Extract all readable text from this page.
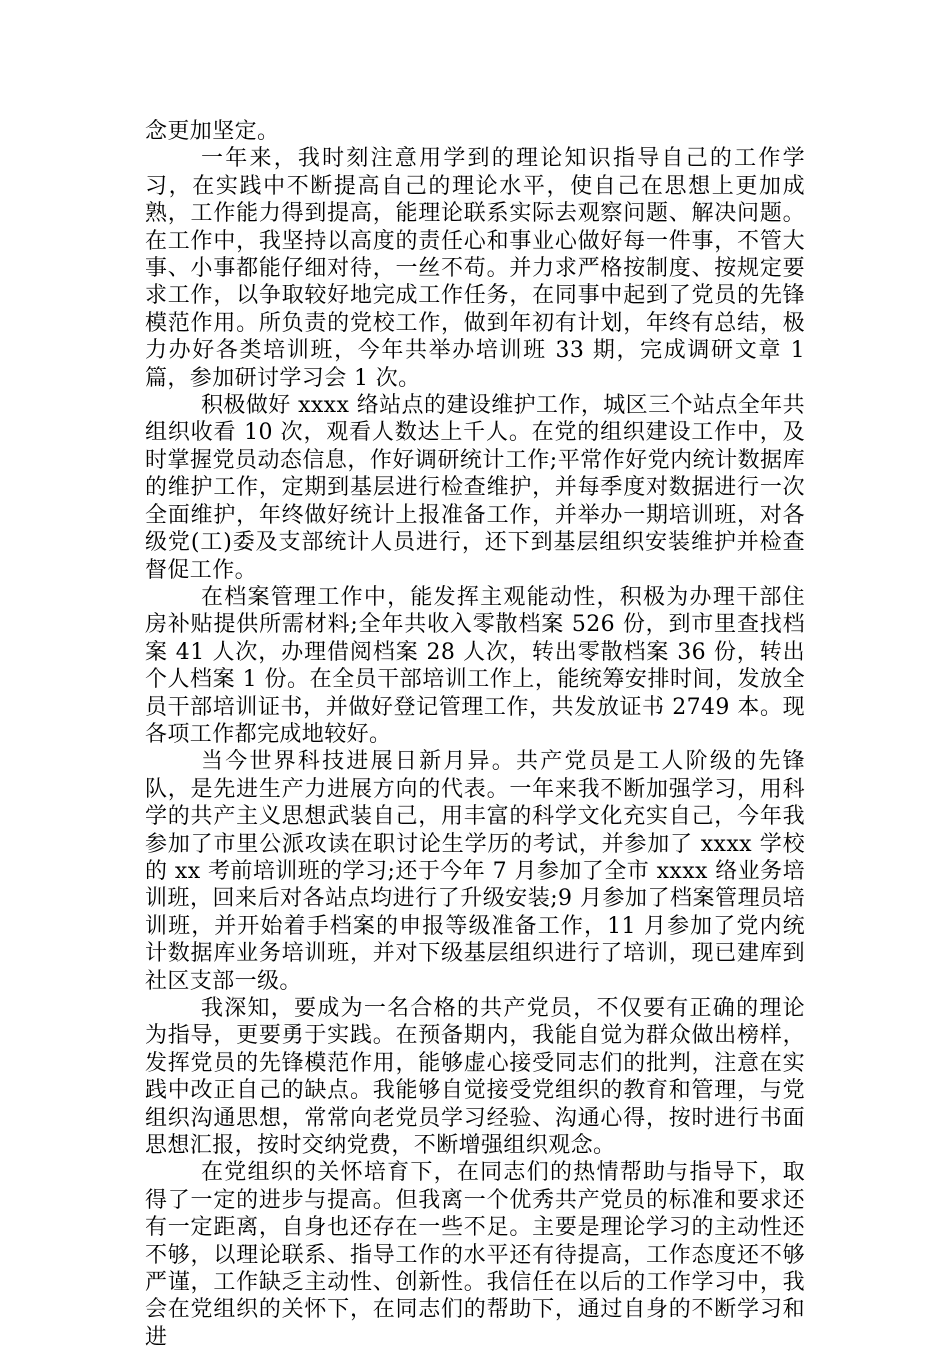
念更加坚定。

一年来，我时刻注意用学到的理论知识指导自己的工作学习，在实践中不断提高自己的理论水平，使自己在思想上更加成熟，工作能力得到提高，能理论联系实际去观察问题、解决问题。在工作中，我坚持以高度的责任心和事业心做好每一件事，不管大事、小事都能仔细对待，一丝不苟。并力求严格按制度、按规定要求工作，以争取较好地完成工作任务，在同事中起到了党员的先锋模范作用。所负责的党校工作，做到年初有计划，年终有总结，极力办好各类培训班，今年共举办培训班 33 期，完成调研文章 1 篇，参加研讨学习会 1 次。

积极做好 xxxx 络站点的建设维护工作，城区三个站点全年共组织收看 10 次，观看人数达上千人。在党的组织建设工作中，及时掌握党员动态信息，作好调研统计工作;平常作好党内统计数据库的维护工作，定期到基层进行检查维护，并每季度对数据进行一次全面维护，年终做好统计上报准备工作，并举办一期培训班，对各级党(工)委及支部统计人员进行，还下到基层组织安装维护并检查督促工作。

在档案管理工作中，能发挥主观能动性，积极为办理干部住房补贴提供所需材料;全年共收入零散档案 526 份，到市里查找档案 41 人次，办理借阅档案 28 人次，转出零散档案 36 份，转出个人档案 1 份。在全员干部培训工作上，能统筹安排时间，发放全员干部培训证书，并做好登记管理工作，共发放证书 2749 本。现各项工作都完成地较好。

当今世界科技进展日新月异。共产党员是工人阶级的先锋队，是先进生产力进展方向的代表。一年来我不断加强学习，用科学的共产主义思想武装自己，用丰富的科学文化充实自己，今年我参加了市里公派攻读在职讨论生学历的考试，并参加了 xxxx 学校的 xx 考前培训班的学习;还于今年 7 月参加了全市 xxxx 络业务培训班，回来后对各站点均进行了升级安装;9 月参加了档案管理员培训班，并开始着手档案的申报等级准备工作，11 月参加了党内统计数据库业务培训班，并对下级基层组织进行了培训，现已建库到社区支部一级。

我深知，要成为一名合格的共产党员，不仅要有正确的理论为指导，更要勇于实践。在预备期内，我能自觉为群众做出榜样，发挥党员的先锋模范作用，能够虚心接受同志们的批判，注意在实践中改正自己的缺点。我能够自觉接受党组织的教育和管理，与党组织沟通思想，常常向老党员学习经验、沟通心得，按时进行书面思想汇报，按时交纳党费，不断增强组织观念。

在党组织的关怀培育下，在同志们的热情帮助与指导下，取得了一定的进步与提高。但我离一个优秀共产党员的标准和要求还有一定距离，自身也还存在一些不足。主要是理论学习的主动性还不够，以理论联系、指导工作的水平还有待提高，工作态度还不够严谨，工作缺乏主动性、创新性。我信任在以后的工作学习中，我会在党组织的关怀下，在同志们的帮助下，通过自身的不断学习和进
